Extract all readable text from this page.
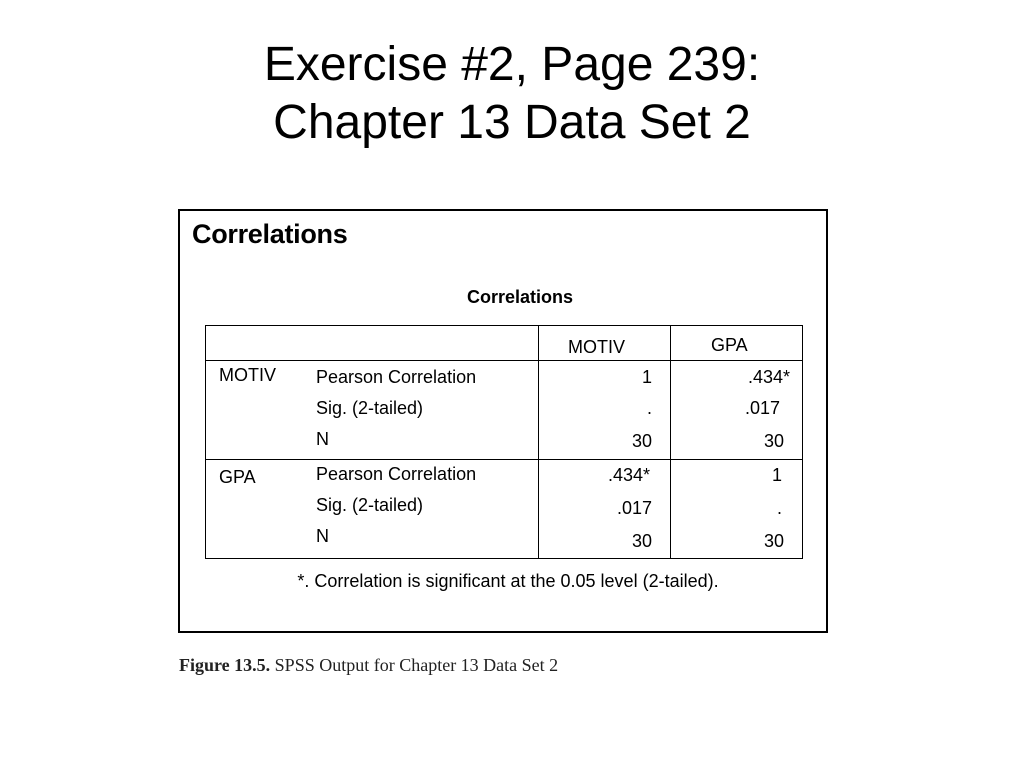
Exercise #2, Page 239:
Chapter 13 Data Set 2
Correlations
Correlations
MOTIV	GPA
MOTIV Pearson Correlation
Sig. (2-tailed)
N
1
.
30
.434*
.017
30
GPA	Pearson Correlation
Sig. (2-tailed)
N
.434*
.017
30
1
.
30
*. Correlation is significant at the 0.05 level (2-tailed).
Figure 13.5. SPSS Output for Chapter 13 Data Set 2
